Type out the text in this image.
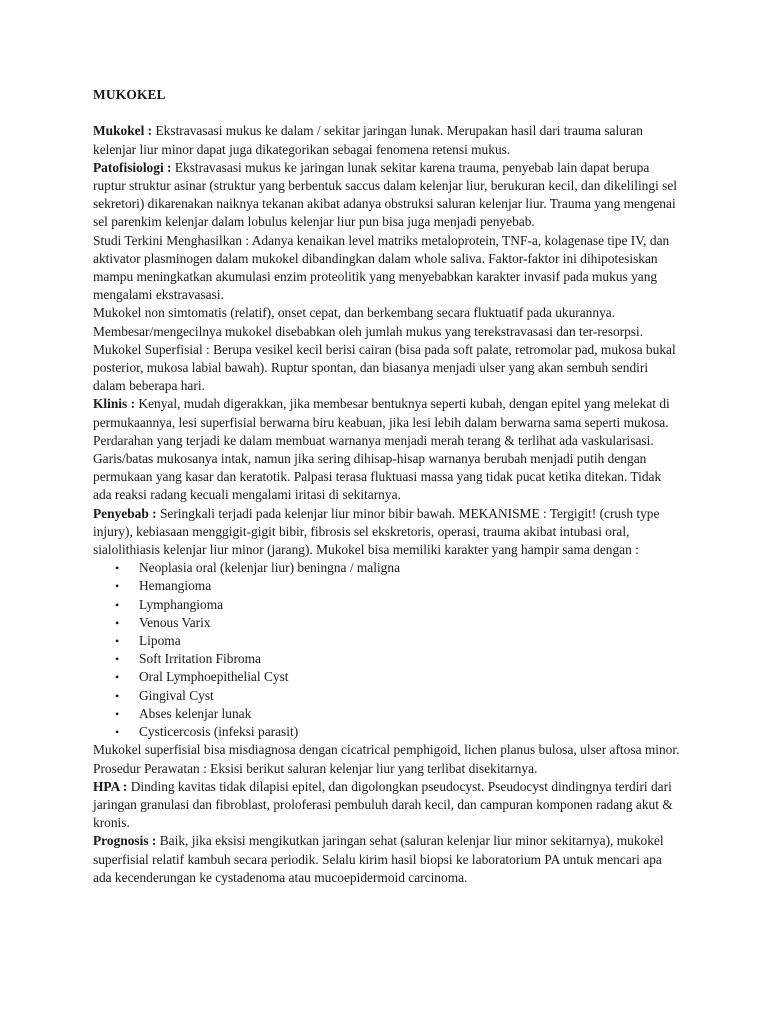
MUKOKEL

Mukokel : Ekstravasasi mukus ke dalam / sekitar jaringan lunak. Merupakan hasil dari trauma saluran kelenjar liur minor dapat juga dikategorikan sebagai fenomena retensi mukus.

Patofisiologi : Ekstravasasi mukus ke jaringan lunak sekitar karena trauma, penyebab lain dapat berupa ruptur struktur asinar (struktur yang berbentuk saccus dalam kelenjar liur, berukuran kecil, dan dikelilingi sel sekretori) dikarenakan naiknya tekanan akibat adanya obstruksi saluran kelenjar liur. Trauma yang mengenai sel parenkim kelenjar dalam lobulus kelenjar liur pun bisa juga menjadi penyebab.

Studi Terkini Menghasilkan : Adanya kenaikan level matriks metaloprotein, TNF-a, kolagenase tipe IV, dan aktivator plasminogen dalam mukokel dibandingkan dalam whole saliva. Faktor-faktor ini dihipotesiskan mampu meningkatkan akumulasi enzim proteolitik yang menyebabkan karakter invasif pada mukus yang mengalami ekstravasasi.

Mukokel non simtomatis (relatif), onset cepat, dan berkembang secara fluktuatif pada ukurannya. Membesar/mengecilnya mukokel disebabkan oleh jumlah mukus yang terekstravasasi dan ter-resorpsi.

Mukokel Superfisial : Berupa vesikel kecil berisi cairan (bisa pada soft palate, retromolar pad, mukosa bukal posterior, mukosa labial bawah). Ruptur spontan, dan biasanya menjadi ulser yang akan sembuh sendiri dalam beberapa hari.

Klinis : Kenyal, mudah digerakkan, jika membesar bentuknya seperti kubah, dengan epitel yang melekat di permukaannya, lesi superfisial berwarna biru keabuan, jika lesi lebih dalam berwarna sama seperti mukosa. Perdarahan yang terjadi ke dalam membuat warnanya menjadi merah terang & terlihat ada vaskularisasi. Garis/batas mukosanya intak, namun jika sering dihisap-hisap warnanya berubah menjadi putih dengan permukaan yang kasar dan keratotik. Palpasi terasa fluktuasi massa yang tidak pucat ketika ditekan. Tidak ada reaksi radang kecuali mengalami iritasi di sekitarnya.

Penyebab : Seringkali terjadi pada kelenjar liur minor bibir bawah. MEKANISME : Tergigit! (crush type injury), kebiasaan menggigit-gigit bibir, fibrosis sel ekskretoris, operasi, trauma akibat intubasi oral, sialolithiasis kelenjar liur minor (jarang). Mukokel bisa memiliki karakter yang hampir sama dengan :

• Neoplasia oral (kelenjar liur) beningna / maligna
• Hemangioma
• Lymphangioma
• Venous Varix
• Lipoma
• Soft Irritation Fibroma
• Oral Lymphoepithelial Cyst
• Gingival Cyst
• Abses kelenjar lunak
• Cysticercosis (infeksi parasit)

Mukokel superfisial bisa misdiagnosa dengan cicatrical pemphigoid, lichen planus bulosa, ulser aftosa minor. Prosedur Perawatan : Eksisi berikut saluran kelenjar liur yang terlibat disekitarnya.

HPA : Dinding kavitas tidak dilapisi epitel, dan digolongkan pseudocyst. Pseudocyst dindingnya terdiri dari jaringan granulasi dan fibroblast, proloferasi pembuluh darah kecil, dan campuran komponen radang akut & kronis.

Prognosis : Baik, jika eksisi mengikutkan jaringan sehat (saluran kelenjar liur minor sekitarnya), mukokel superfisial relatif kambuh secara periodik. Selalu kirim hasil biopsi ke laboratorium PA untuk mencari apa ada kecenderungan ke cystadenoma atau mucoepidermoid carcinoma.
